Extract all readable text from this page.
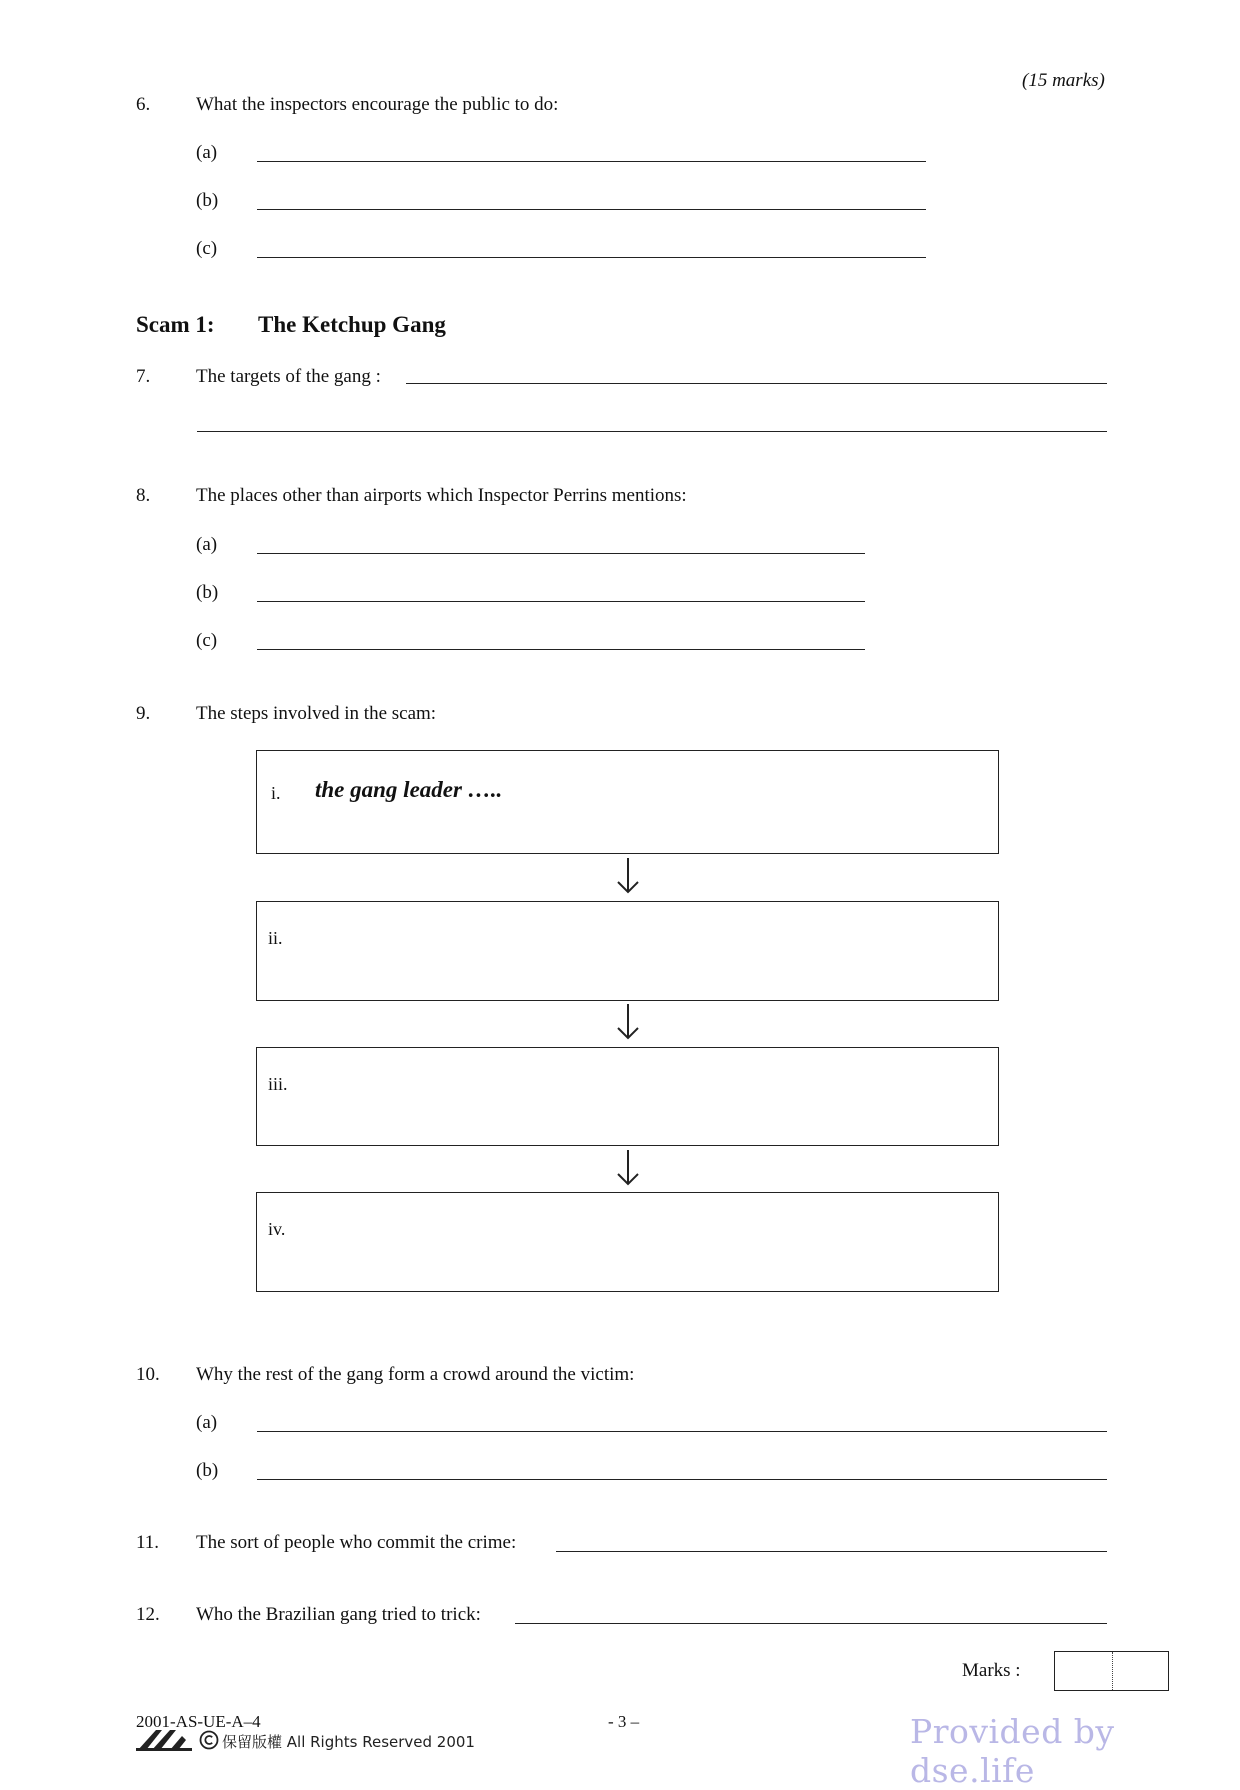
(15 marks)
6. What the inspectors encourage the public to do:
(a)
(b)
(c)
Scam 1: The Ketchup Gang
7. The targets of the gang :
8. The places other than airports which Inspector Perrins mentions:
(a)
(b)
(c)
9. The steps involved in the scam:
i. the gang leader …..
ii.
iii.
iv.
10. Why the rest of the gang form a crowd around the victim:
(a)
(b)
11. The sort of people who commit the crime:
12. Who the Brazilian gang tried to trick:
Marks :
2001-AS-UE-A–4	- 3 –
保留版權 All Rights Reserved 2001	Provided by dse.life
